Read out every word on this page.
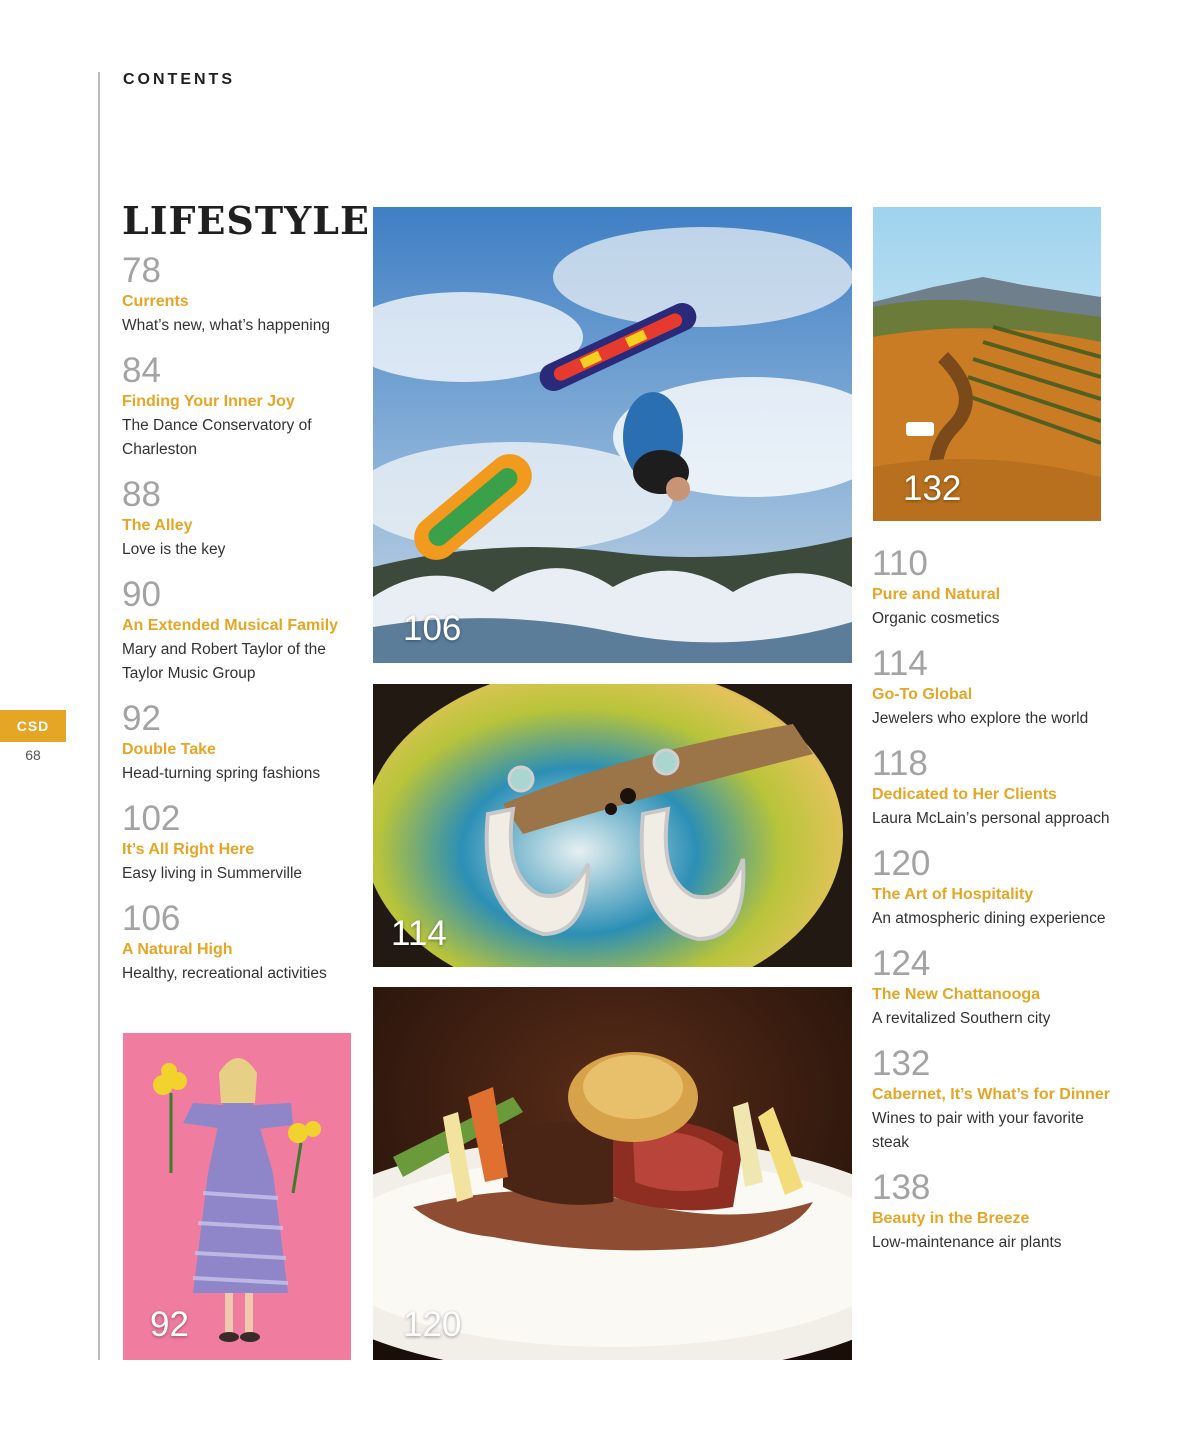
CONTENTS
CSD
68
LIFESTYLE
78
Currents
What’s new, what’s happening
84
Finding Your Inner Joy
The Dance Conservatory of Charleston
88
The Alley
Love is the key
90
An Extended Musical Family
Mary and Robert Taylor of the Taylor Music Group
92
Double Take
Head-turning spring fashions
102
It’s All Right Here
Easy living in Summerville
106
A Natural High
Healthy, recreational activities
110
Pure and Natural
Organic cosmetics
114
Go-To Global
Jewelers who explore the world
118
Dedicated to Her Clients
Laura McLain’s personal approach
120
The Art of Hospitality
An atmospheric dining experience
124
The New Chattanooga
A revitalized Southern city
132
Cabernet, It’s What’s for Dinner
Wines to pair with your favorite steak
138
Beauty in the Breeze
Low-maintenance air plants
106
132
114
92	120
